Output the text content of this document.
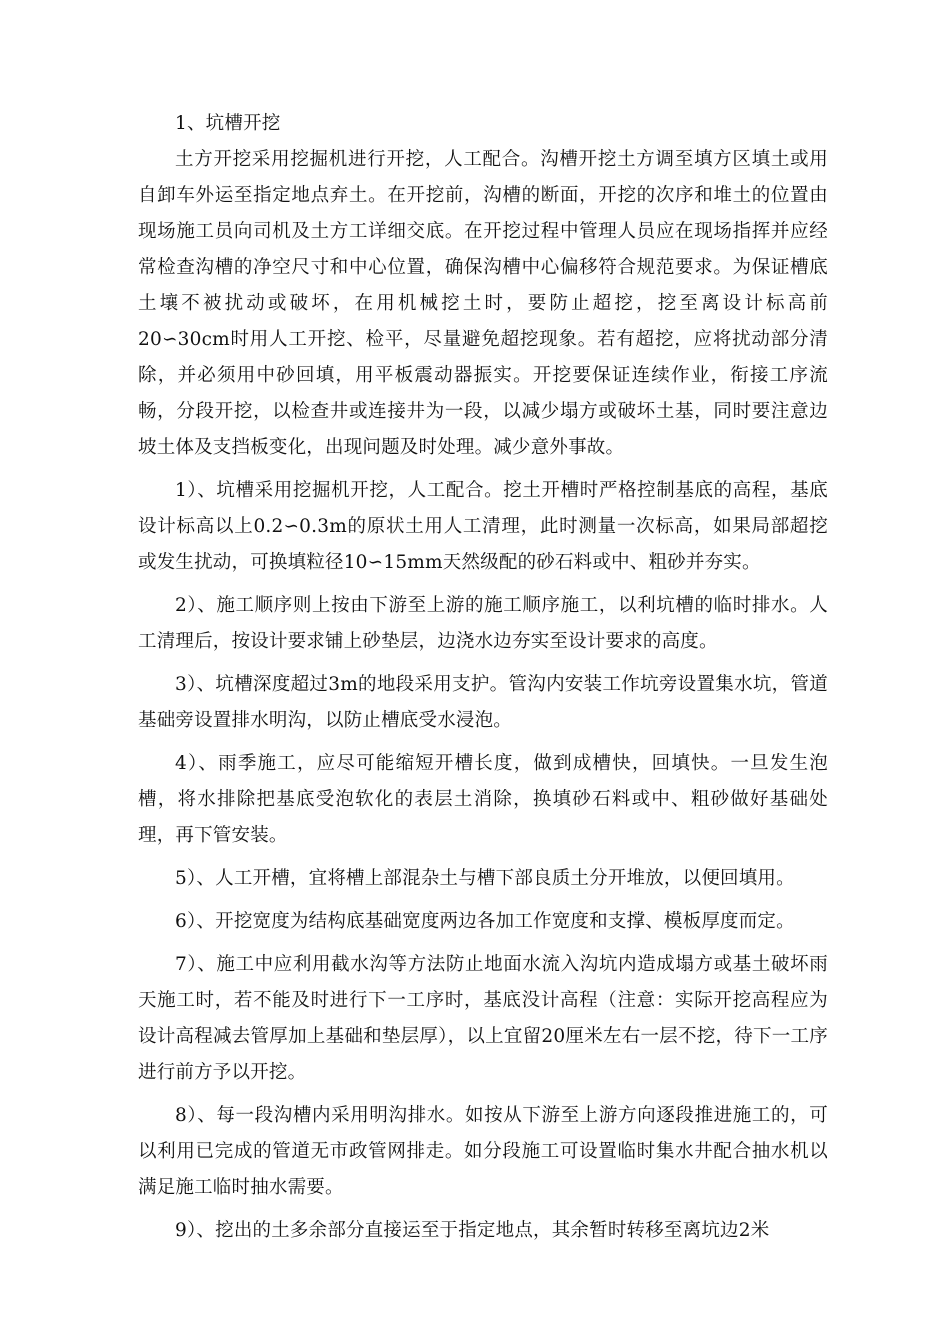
1、坑槽开挖

土方开挖采用挖掘机进行开挖，人工配合。沟槽开挖土方调至填方区填土或用自卸车外运至指定地点弃土。在开挖前，沟槽的断面，开挖的次序和堆土的位置由现场施工员向司机及土方工详细交底。在开挖过程中管理人员应在现场指挥并应经常检查沟槽的净空尺寸和中心位置，确保沟槽中心偏移符合规范要求。为保证槽底土壤不被扰动或破坏，在用机械挖土时，要防止超挖，挖至离设计标高前20∽30cm时用人工开挖、检平，尽量避免超挖现象。若有超挖，应将扰动部分清除，并必须用中砂回填，用平板震动器振实。开挖要保证连续作业，衔接工序流畅，分段开挖，以检查井或连接井为一段，以减少塌方或破坏土基，同时要注意边坡土体及支挡板变化，出现问题及时处理。减少意外事故。

1）、坑槽采用挖掘机开挖，人工配合。挖土开槽时严格控制基底的高程，基底设计标高以上0.2∽0.3m的原状土用人工清理，此时测量一次标高，如果局部超挖或发生扰动，可换填粒径10∽15mm天然级配的砂石料或中、粗砂并夯实。

2）、施工顺序则上按由下游至上游的施工顺序施工，以利坑槽的临时排水。人工清理后，按设计要求铺上砂垫层，边浇水边夯实至设计要求的高度。

3）、坑槽深度超过3m的地段采用支护。管沟内安装工作坑旁设置集水坑，管道基础旁设置排水明沟，以防止槽底受水浸泡。

4）、雨季施工，应尽可能缩短开槽长度，做到成槽快，回填快。一旦发生泡槽，将水排除把基底受泡软化的表层土消除，换填砂石料或中、粗砂做好基础处理，再下管安装。

5）、人工开槽，宜将槽上部混杂土与槽下部良质土分开堆放，以便回填用。

6）、开挖宽度为结构底基础宽度两边各加工作宽度和支撑、模板厚度而定。

7）、施工中应利用截水沟等方法防止地面水流入沟坑内造成塌方或基土破坏雨天施工时，若不能及时进行下一工序时，基底没计高程（注意：实际开挖高程应为设计高程减去管厚加上基础和垫层厚），以上宜留20厘米左右一层不挖，待下一工序进行前方予以开挖。

8）、每一段沟槽内采用明沟排水。如按从下游至上游方向逐段推进施工的，可以利用已完成的管道无市政管网排走。如分段施工可设置临时集水井配合抽水机以满足施工临时抽水需要。

9）、挖出的土多余部分直接运至于指定地点，其余暂时转移至离坑边2米
